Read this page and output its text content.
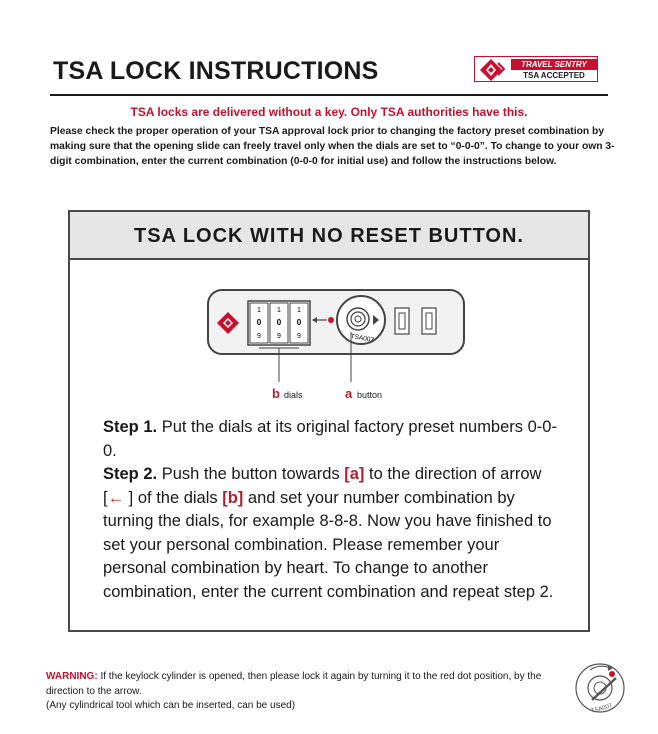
TSA LOCK INSTRUCTIONS	TRAVEL SENTRY
TSA ACCEPTED

TSA locks are delivered without a key. Only TSA authorities have this.

Please check the proper operation of your TSA approval lock prior to changing the factory preset combination by making sure that the opening slide can freely travel only when the dials are set to “0-0-0”. To change to your own 3-digit combination, enter the current combination (0-0-0 for initial use) and follow the instructions below.

TSA LOCK WITH NO RESET BUTTON.
1
0
9
1
0
9
1
0
9	TSA007
b dials	a button

Step 1. Put the dials at its original factory preset numbers 0-0-0.

Step 2. Push the button towards [a] to the direction of arrow [← ] of the dials [b] and set your number combination by turning the dials, for example 8-8-8. Now you have finished to set your personal combination. Please remember your personal combination by heart. To change to another combination, enter the current combination and repeat step 2.

WARNING: If the keylock cylinder is opened, then please lock it again by turning it to the red dot position, by the direction to the arrow.

(Any cylindrical tool which can be inserted, can be used)	TSA007
